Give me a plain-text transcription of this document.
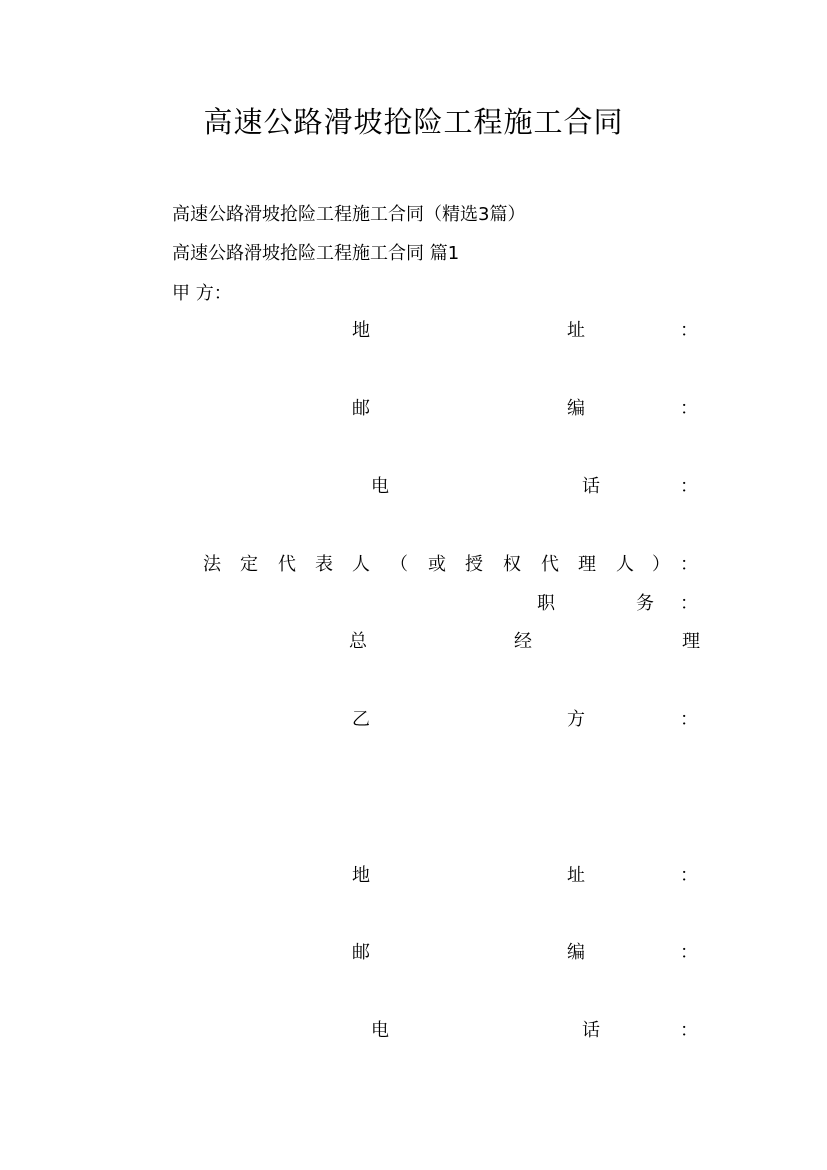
高速公路滑坡抢险工程施工合同
高速公路滑坡抢险工程施工合同（精选3篇）
高速公路滑坡抢险工程施工合同 篇1
甲 方：
地	址	：
邮	编	：
电	话	：
法 定 代 表 人 （ 或 授 权 代 理 人 ） ：
职	务 ：
总	经	理
乙	方	：
地	址	：
邮	编	：
电	话	：
